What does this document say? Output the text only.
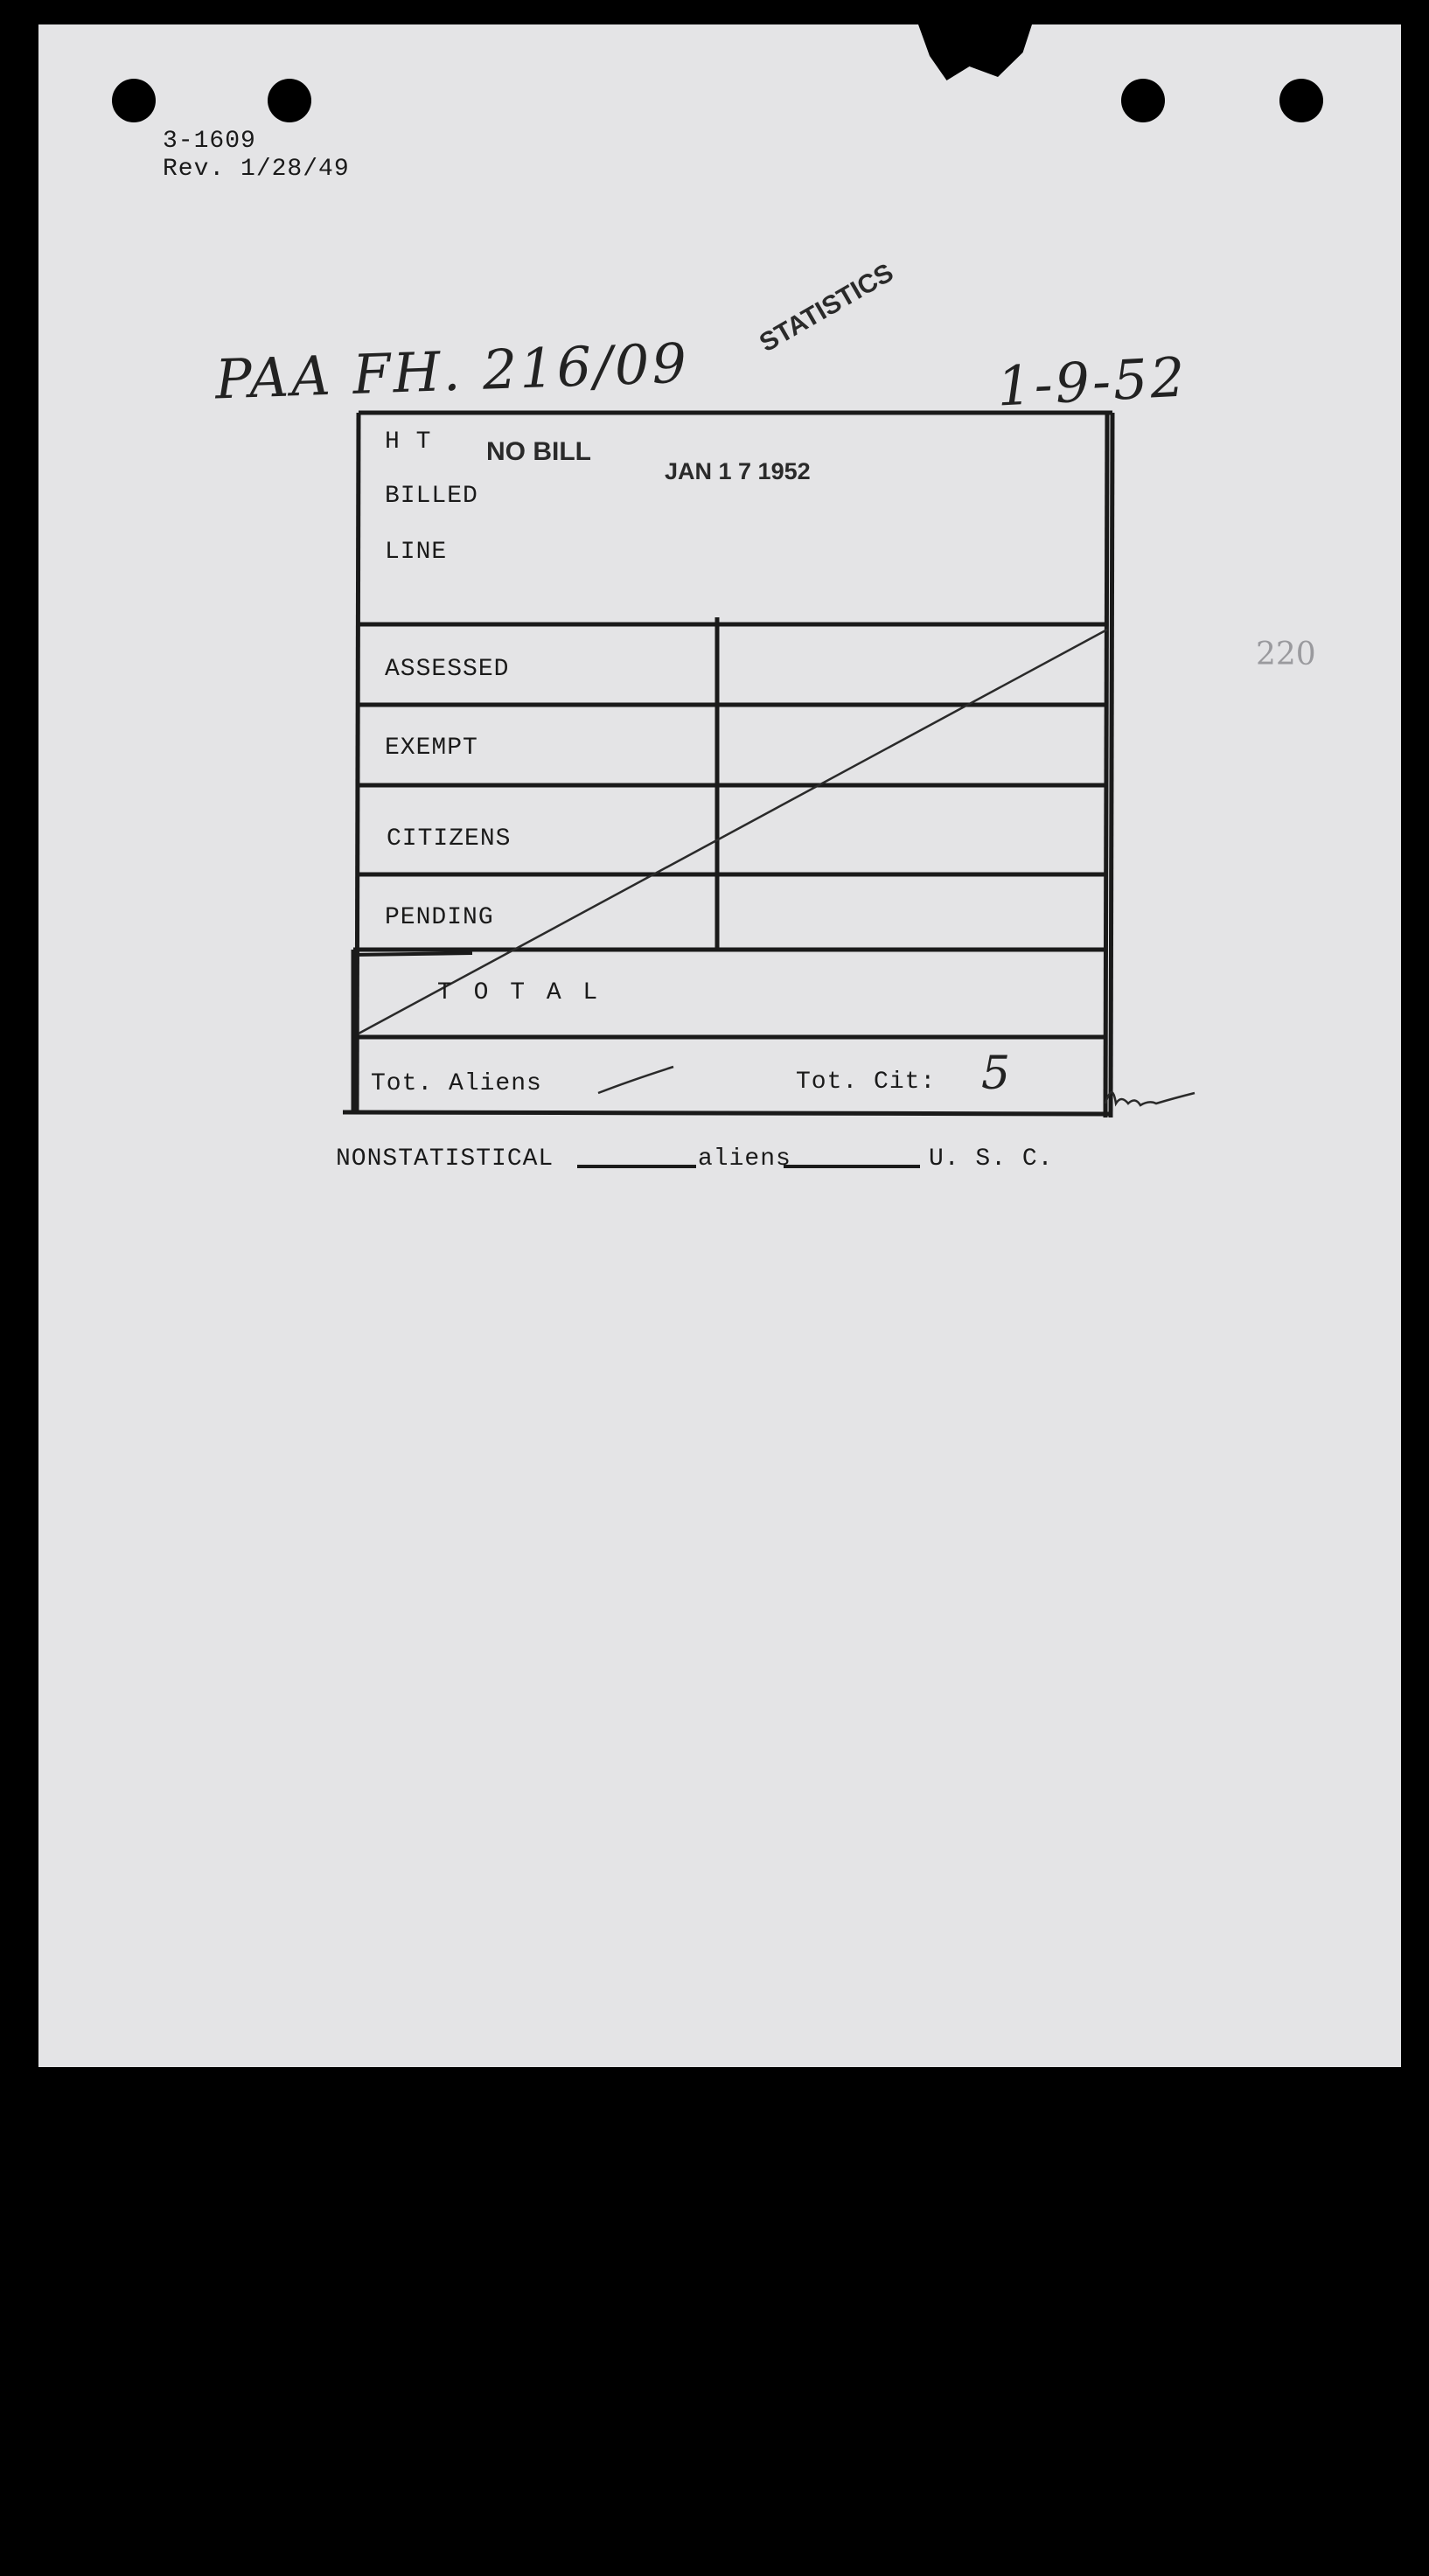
3-1609
Rev. 1/28/49
PAA FH. 216/09	1-9-52
STATISTICS
NO BILL
JAN 1 7 1952
220
H T
BILLED
LINE
ASSESSED
EXEMPT
CITIZENS
PENDING
T O T A L
Tot. Aliens	Tot. Cit: 5
NONSTATISTICAL	aliens	U. S. C.
